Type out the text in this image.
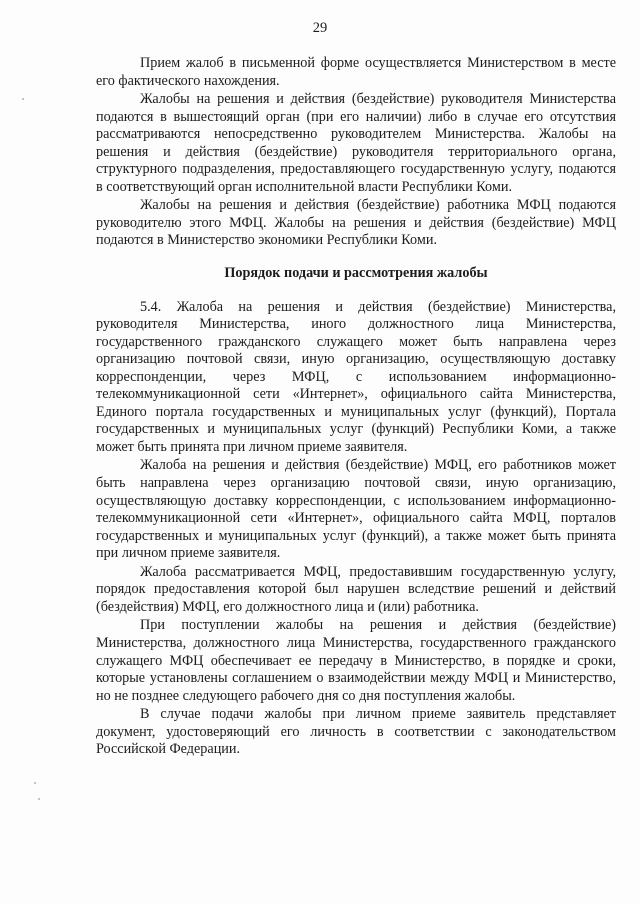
29

Прием жалоб в письменной форме осуществляется Министерством в месте его фактического нахождения.

Жалобы на решения и действия (бездействие) руководителя Министерства подаются в вышестоящий орган (при его наличии) либо в случае его отсутствия рассматриваются непосредственно руководителем Министерства. Жалобы на решения и действия (бездействие) руководителя территориального органа, структурного подразделения, предоставляющего государственную услугу, подаются в соответствующий орган исполнительной власти Республики Коми.

Жалобы на решения и действия (бездействие) работника МФЦ подаются руководителю этого МФЦ. Жалобы на решения и действия (бездействие) МФЦ подаются в Министерство экономики Республики Коми.

Порядок подачи и рассмотрения жалобы

5.4. Жалоба на решения и действия (бездействие) Министерства, руководителя Министерства, иного должностного лица Министерства, государственного гражданского служащего может быть направлена через организацию почтовой связи, иную организацию, осуществляющую доставку корреспонденции, через МФЦ, с использованием информационно-телекоммуникационной сети «Интернет», официального сайта Министерства, Единого портала государственных и муниципальных услуг (функций), Портала государственных и муниципальных услуг (функций) Республики Коми, а также может быть принята при личном приеме заявителя.

Жалоба на решения и действия (бездействие) МФЦ, его работников может быть направлена через организацию почтовой связи, иную организацию, осуществляющую доставку корреспонденции, с использованием информационно-телекоммуникационной сети «Интернет», официального сайта МФЦ, порталов государственных и муниципальных услуг (функций), а также может быть принята при личном приеме заявителя.

Жалоба рассматривается МФЦ, предоставившим государственную услугу, порядок предоставления которой был нарушен вследствие решений и действий (бездействия) МФЦ, его должностного лица и (или) работника.

При поступлении жалобы на решения и действия (бездействие) Министерства, должностного лица Министерства, государственного гражданского служащего МФЦ обеспечивает ее передачу в Министерство, в порядке и сроки, которые установлены соглашением о взаимодействии между МФЦ и Министерство, но не позднее следующего рабочего дня со дня поступления жалобы.

В случае подачи жалобы при личном приеме заявитель представляет документ, удостоверяющий его личность в соответствии с законодательством Российской Федерации.
